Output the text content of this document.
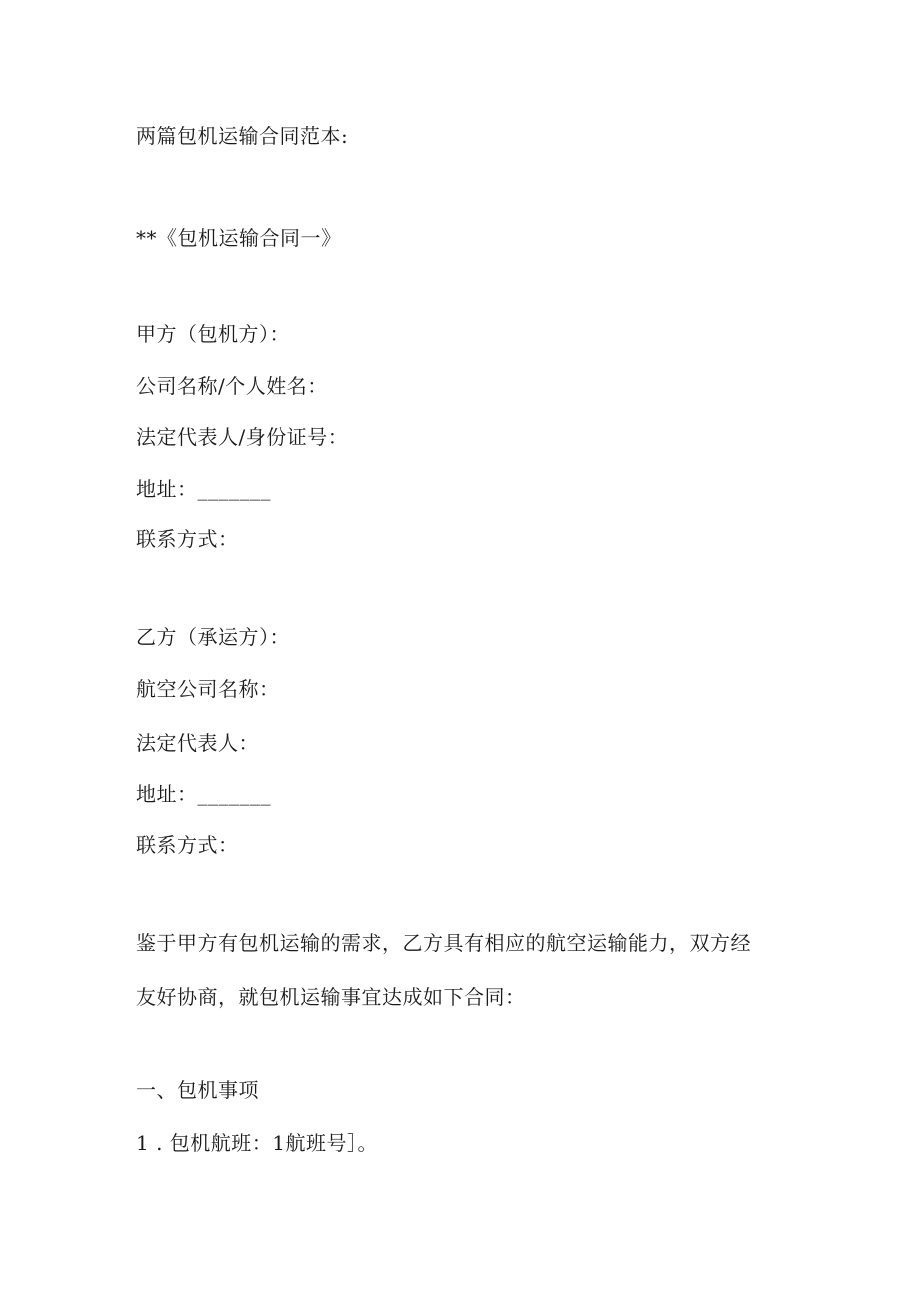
两篇包机运输合同范本:
**《包机运输合同一》
甲方（包机方）：
公司名称/个人姓名：
法定代表人/身份证号：
地址：_______
联系方式：
乙方（承运方）：
航空公司名称：
法定代表人：
地址：_______
联系方式：
鉴于甲方有包机运输的需求，乙方具有相应的航空运输能力，双方经
友好协商，就包机运输事宜达成如下合同：
一、包机事项
1 . 包机航班：1航班号］。
